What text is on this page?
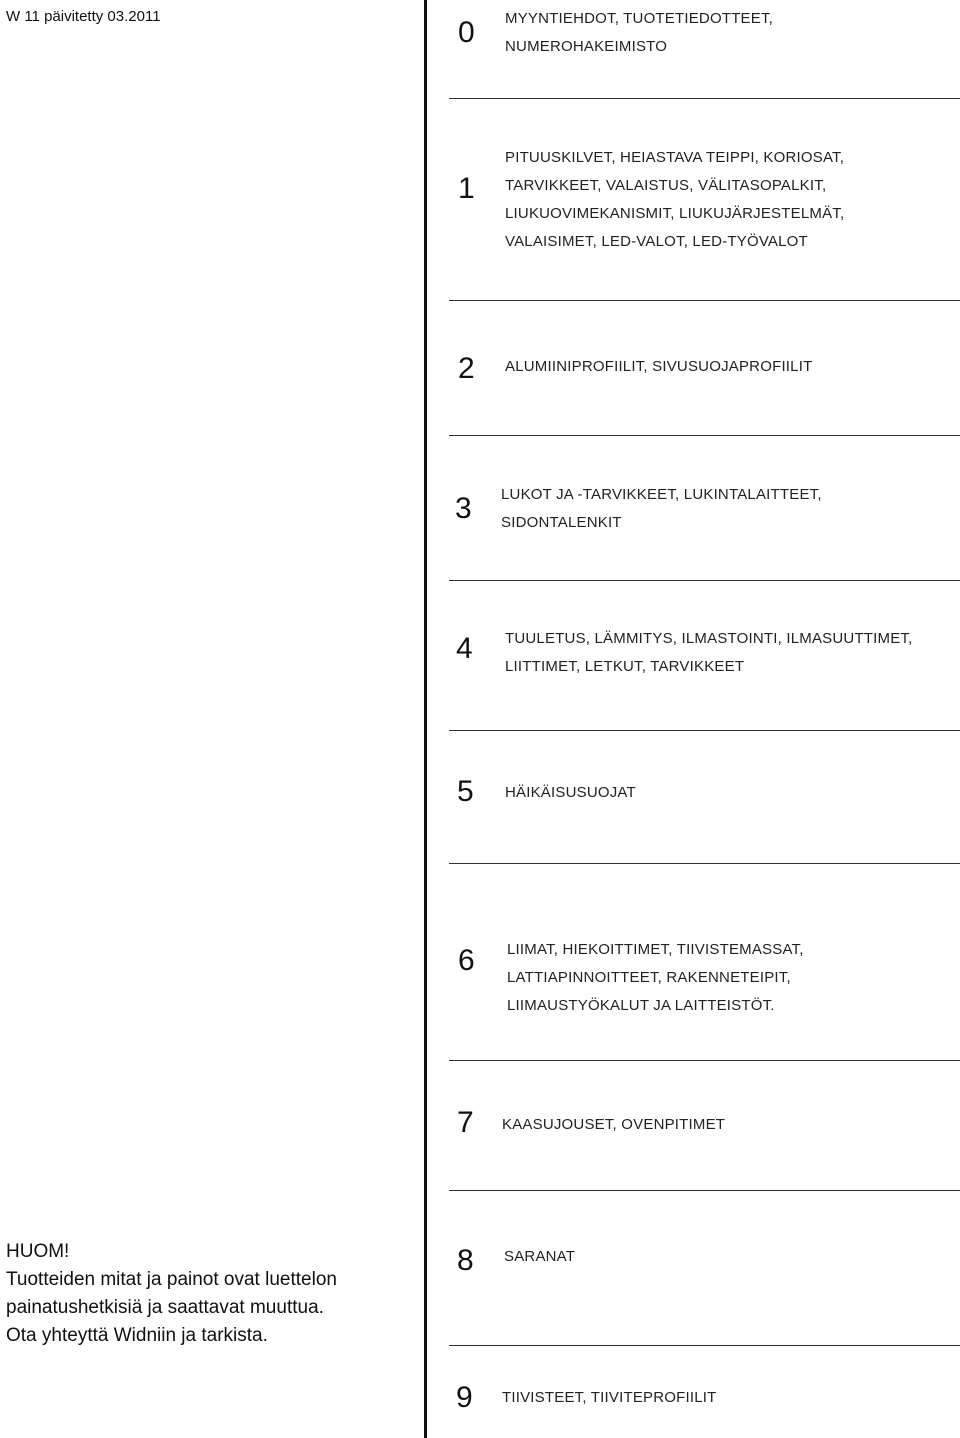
W 11 päivitetty 03.2011	0 MYYNTIEHDOT, TUOTETIEDOTTEET,
NUMEROHAKEIMISTO
1
PITUUSKILVET, HEIASTAVA TEIPPI, KORIOSAT,
TARVIKKEET, VALAISTUS, VÄLITASOPALKIT,
LIUKUOVIMEKANISMIT, LIUKUJÄRJESTELMÄT,
VALAISIMET, LED-VALOT, LED-TYÖVALOT
2 ALUMIINIPROFIILIT, SIVUSUOJAPROFIILIT
3 LUKOT JA -TARVIKKEET, LUKINTALAITTEET,
SIDONTALENKIT
4 TUULETUS, LÄMMITYS, ILMASTOINTI, ILMASUUTTIMET,
LIITTIMET, LETKUT, TARVIKKEET
5 HÄIKÄISUSUOJAT
6 LIIMAT, HIEKOITTIMET, TIIVISTEMASSAT,
LATTIAPINNOITTEET, RAKENNETEIPIT,
LIIMAUSTYÖKALUT JA LAITTEISTÖT.
7 KAASUJOUSET, OVENPITIMET
HUOM!
Tuotteiden mitat ja painot ovat luettelon
painatushetkisiä ja saattavat muuttua.
Ota yhteyttä Widniin ja tarkista.
8 SARANAT
9 TIIVISTEET, TIIVITEPROFIILIT
